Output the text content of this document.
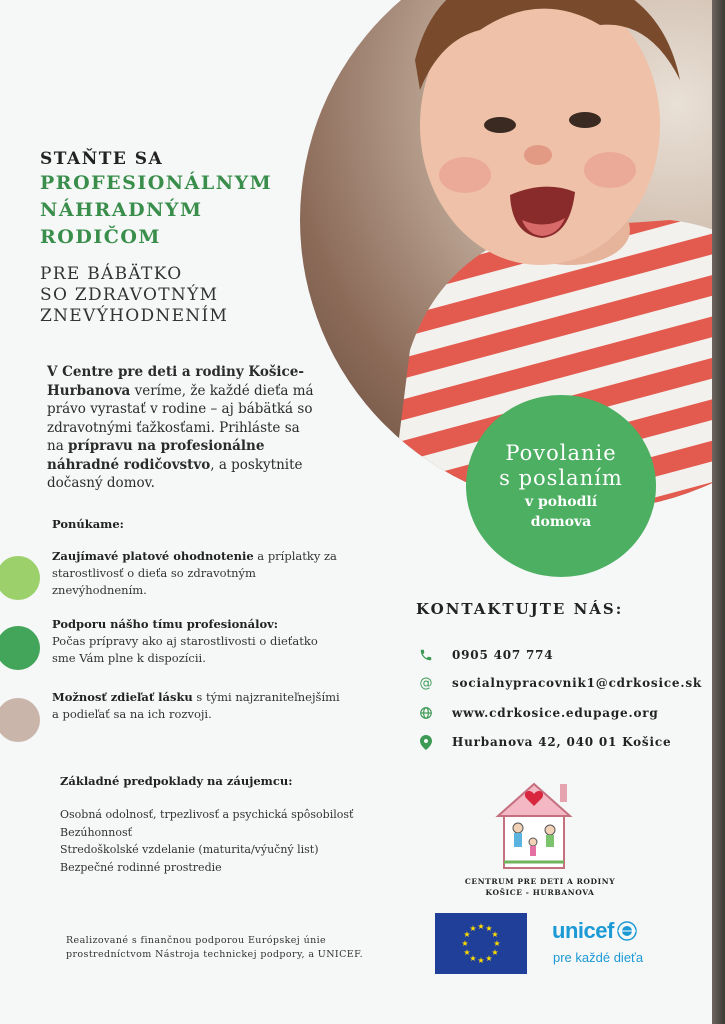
Povolanie
s poslaním
v pohodlí
domova
STAŇTE SA
PROFESIONÁLNYM
NÁHRADNÝM
RODIČOM
PRE BÁBÄTKO
SO ZDRAVOTNÝM
ZNEVÝHODNENÍM

V Centre pre deti a rodiny Košice-Hurbanova veríme, že každé dieťa má právo vyrastať v rodine – aj bábätká so zdravotnými ťažkosťami. Prihláste sa na prípravu na profesionálne náhradné rodičovstvo, a poskytnite dočasný domov.

Ponúkame:
Zaujímavé platové ohodnotenie a príplatky za starostlivosť o dieťa so zdravotným znevýhodnením.
Podporu nášho tímu profesionálov:
Počas prípravy ako aj starostlivosti o dieťatko sme Vám plne k dispozícii.
Možnosť zdieľať lásku s tými najzraniteľnejšími a podieľať sa na ich rozvoji.
Základné predpoklady na záujemcu:
Osobná odolnosť, trpezlivosť a psychická spôsobilosť
Bezúhonnosť
Stredoškolské vzdelanie (maturita/výučný list)
Bezpečné rodinné prostredie
Realizované s finančnou podporou Európskej únie prostredníctvom Nástroja technickej podpory, a UNICEF.
KONTAKTUJTE NÁS:
0905 407 774
@ socialnypracovnik1@cdrkosice.sk
www.cdrkosice.edupage.org
Hurbanova 42, 040 01 Košice
CENTRUM PRE DETI A RODINY
KOŠICE - HURBANOVA
★ ★
★
★
★
★
★
★
★
★
★
★	unicef
pre každé dieťa
